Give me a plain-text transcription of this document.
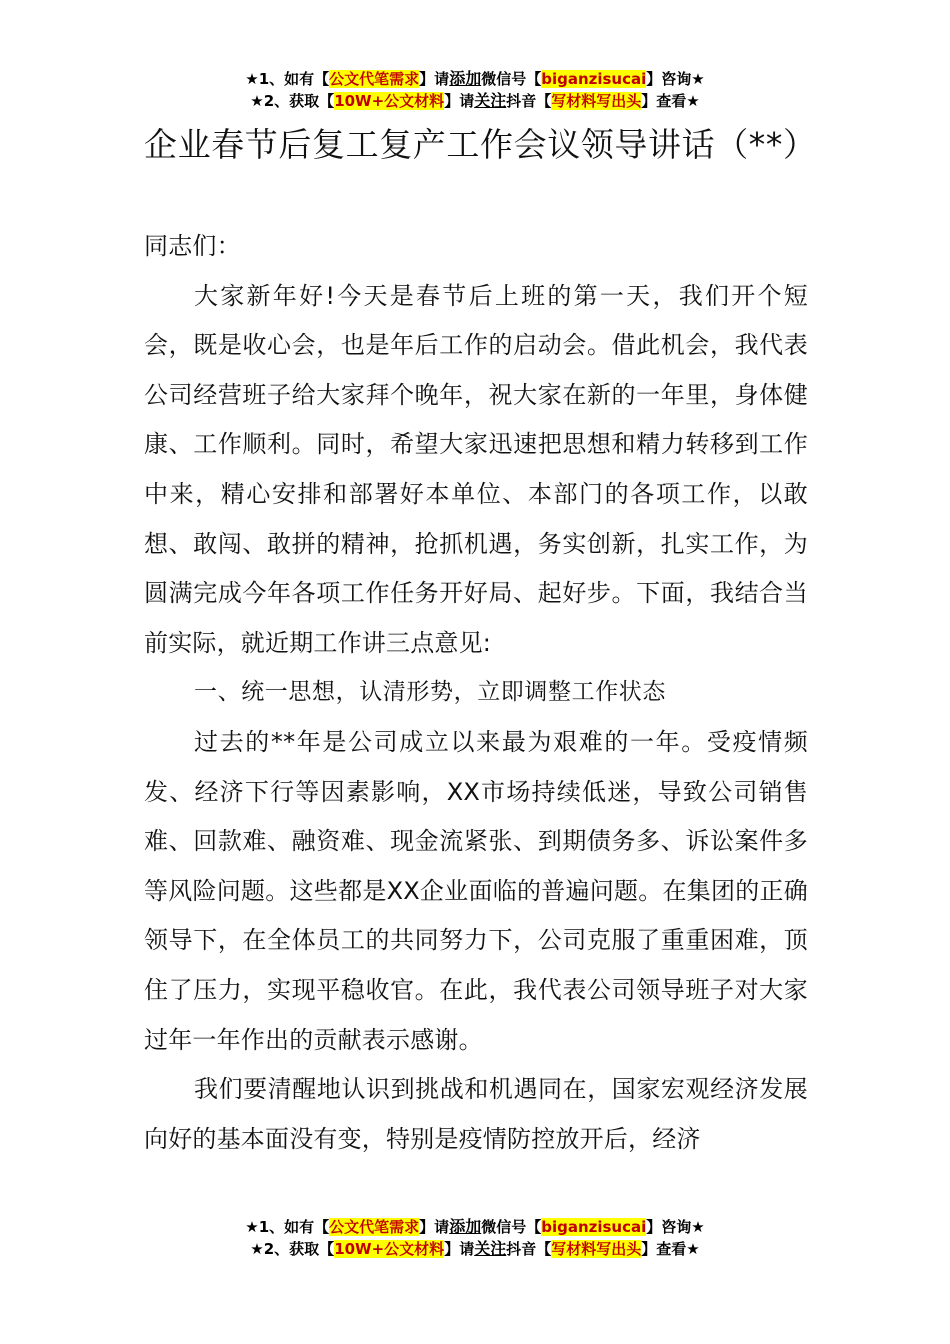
★1、如有【公文代笔需求】请添加微信号【biganzisucai】咨询★
★2、获取【10W+公文材料】请关注抖音【写材料写出头】查看★
企业春节后复工复产工作会议领导讲话（**）

同志们：

大家新年好!今天是春节后上班的第一天，我们开个短会，既是收心会，也是年后工作的启动会。借此机会，我代表公司经营班子给大家拜个晚年，祝大家在新的一年里，身体健康、工作顺利。同时，希望大家迅速把思想和精力转移到工作中来，精心安排和部署好本单位、本部门的各项工作，以敢想、敢闯、敢拼的精神，抢抓机遇，务实创新，扎实工作，为圆满完成今年各项工作任务开好局、起好步。下面，我结合当前实际，就近期工作讲三点意见:

一、统一思想，认清形势，立即调整工作状态

过去的**年是公司成立以来最为艰难的一年。受疫情频发、经济下行等因素影响，XX市场持续低迷，导致公司销售难、回款难、融资难、现金流紧张、到期债务多、诉讼案件多等风险问题。这些都是XX企业面临的普遍问题。在集团的正确领导下，在全体员工的共同努力下，公司克服了重重困难，顶住了压力，实现平稳收官。在此，我代表公司领导班子对大家过年一年作出的贡献表示感谢。

我们要清醒地认识到挑战和机遇同在，国家宏观经济发展向好的基本面没有变，特别是疫情防控放开后，经济

★1、如有【公文代笔需求】请添加微信号【biganzisucai】咨询★
★2、获取【10W+公文材料】请关注抖音【写材料写出头】查看★
